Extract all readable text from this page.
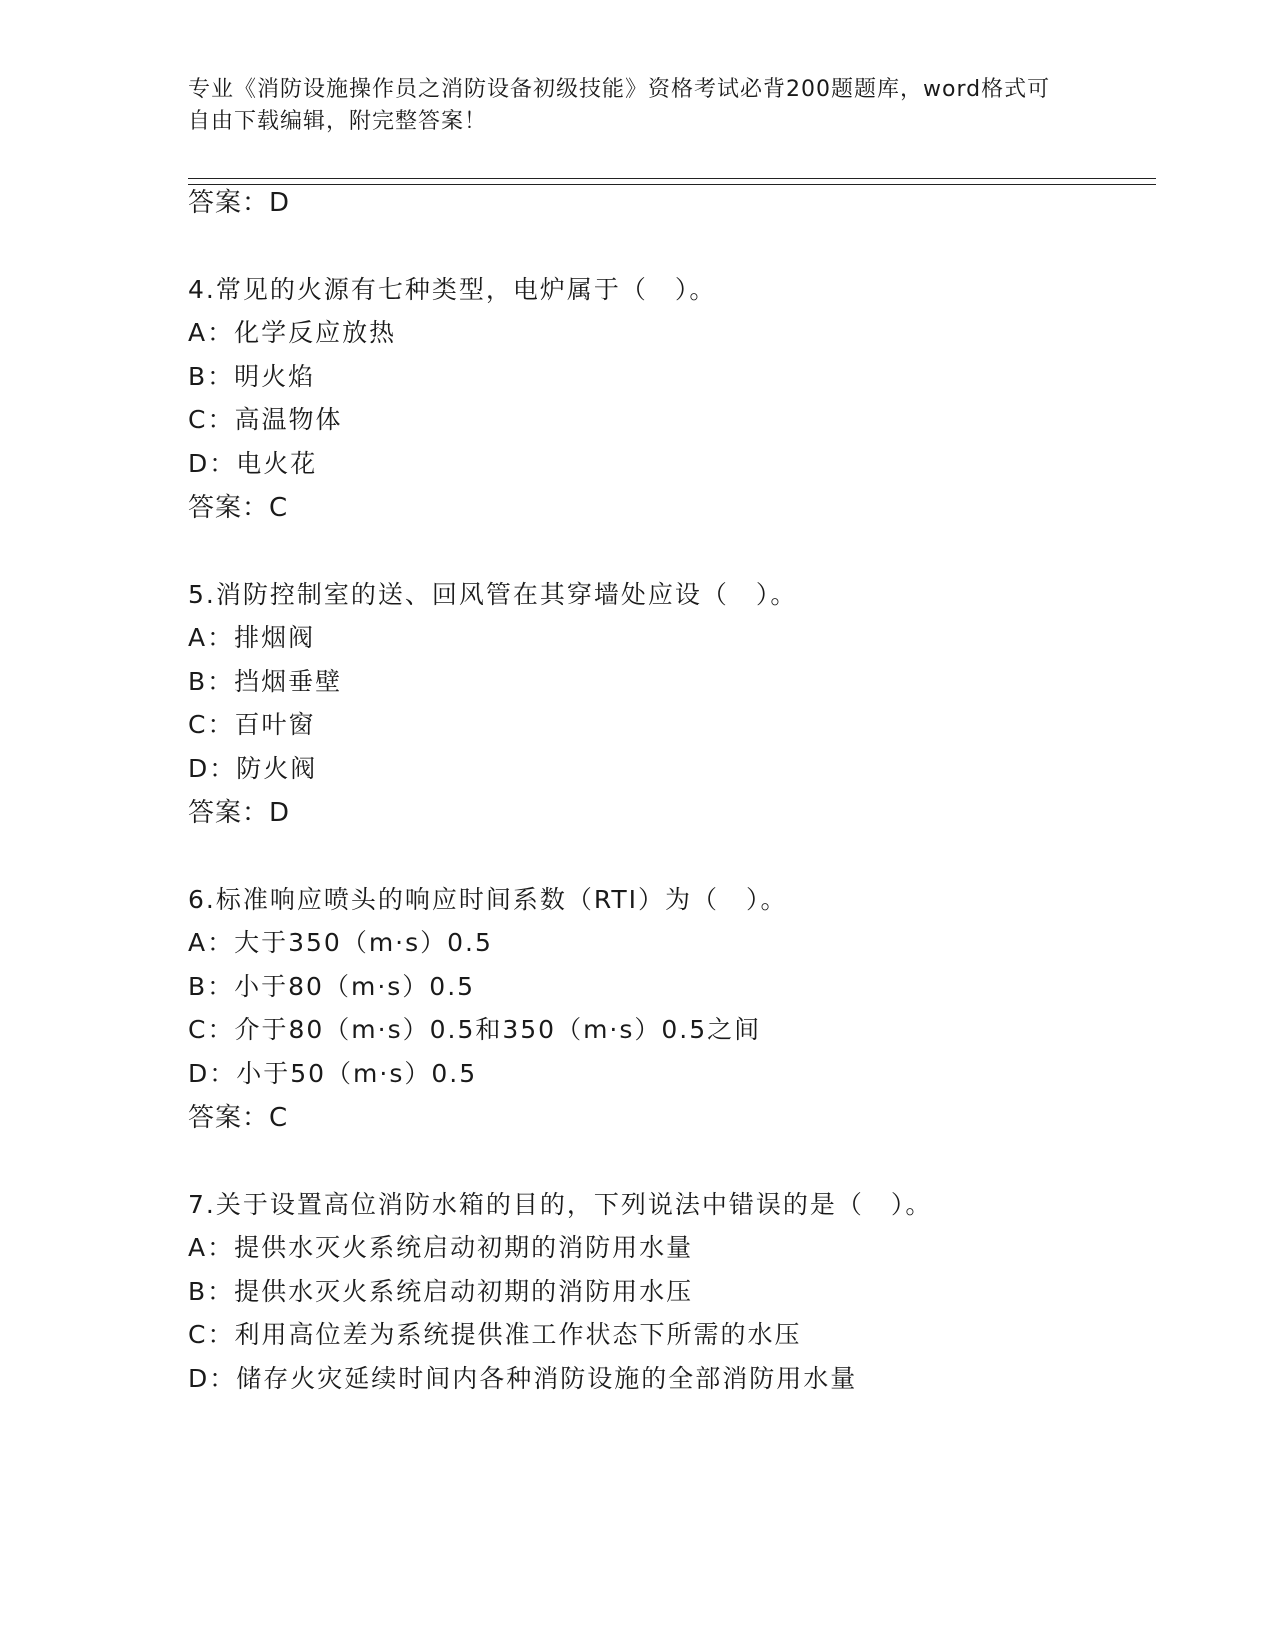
专业《消防设施操作员之消防设备初级技能》资格考试必背200题题库，word格式可自由下载编辑，附完整答案！
答案：D
4.常见的火源有七种类型，电炉属于（　）。
A：化学反应放热
B：明火焰
C：高温物体
D：电火花
答案：C
5.消防控制室的送、回风管在其穿墙处应设（　）。
A：排烟阀
B：挡烟垂壁
C：百叶窗
D：防火阀
答案：D
6.标准响应喷头的响应时间系数（RTI）为（　）。
A：大于350（m·s）0.5
B：小于80（m·s）0.5
C：介于80（m·s）0.5和350（m·s）0.5之间
D：小于50（m·s）0.5
答案：C
7.关于设置高位消防水箱的目的，下列说法中错误的是（　）。
A：提供水灭火系统启动初期的消防用水量
B：提供水灭火系统启动初期的消防用水压
C：利用高位差为系统提供准工作状态下所需的水压
D：储存火灾延续时间内各种消防设施的全部消防用水量
